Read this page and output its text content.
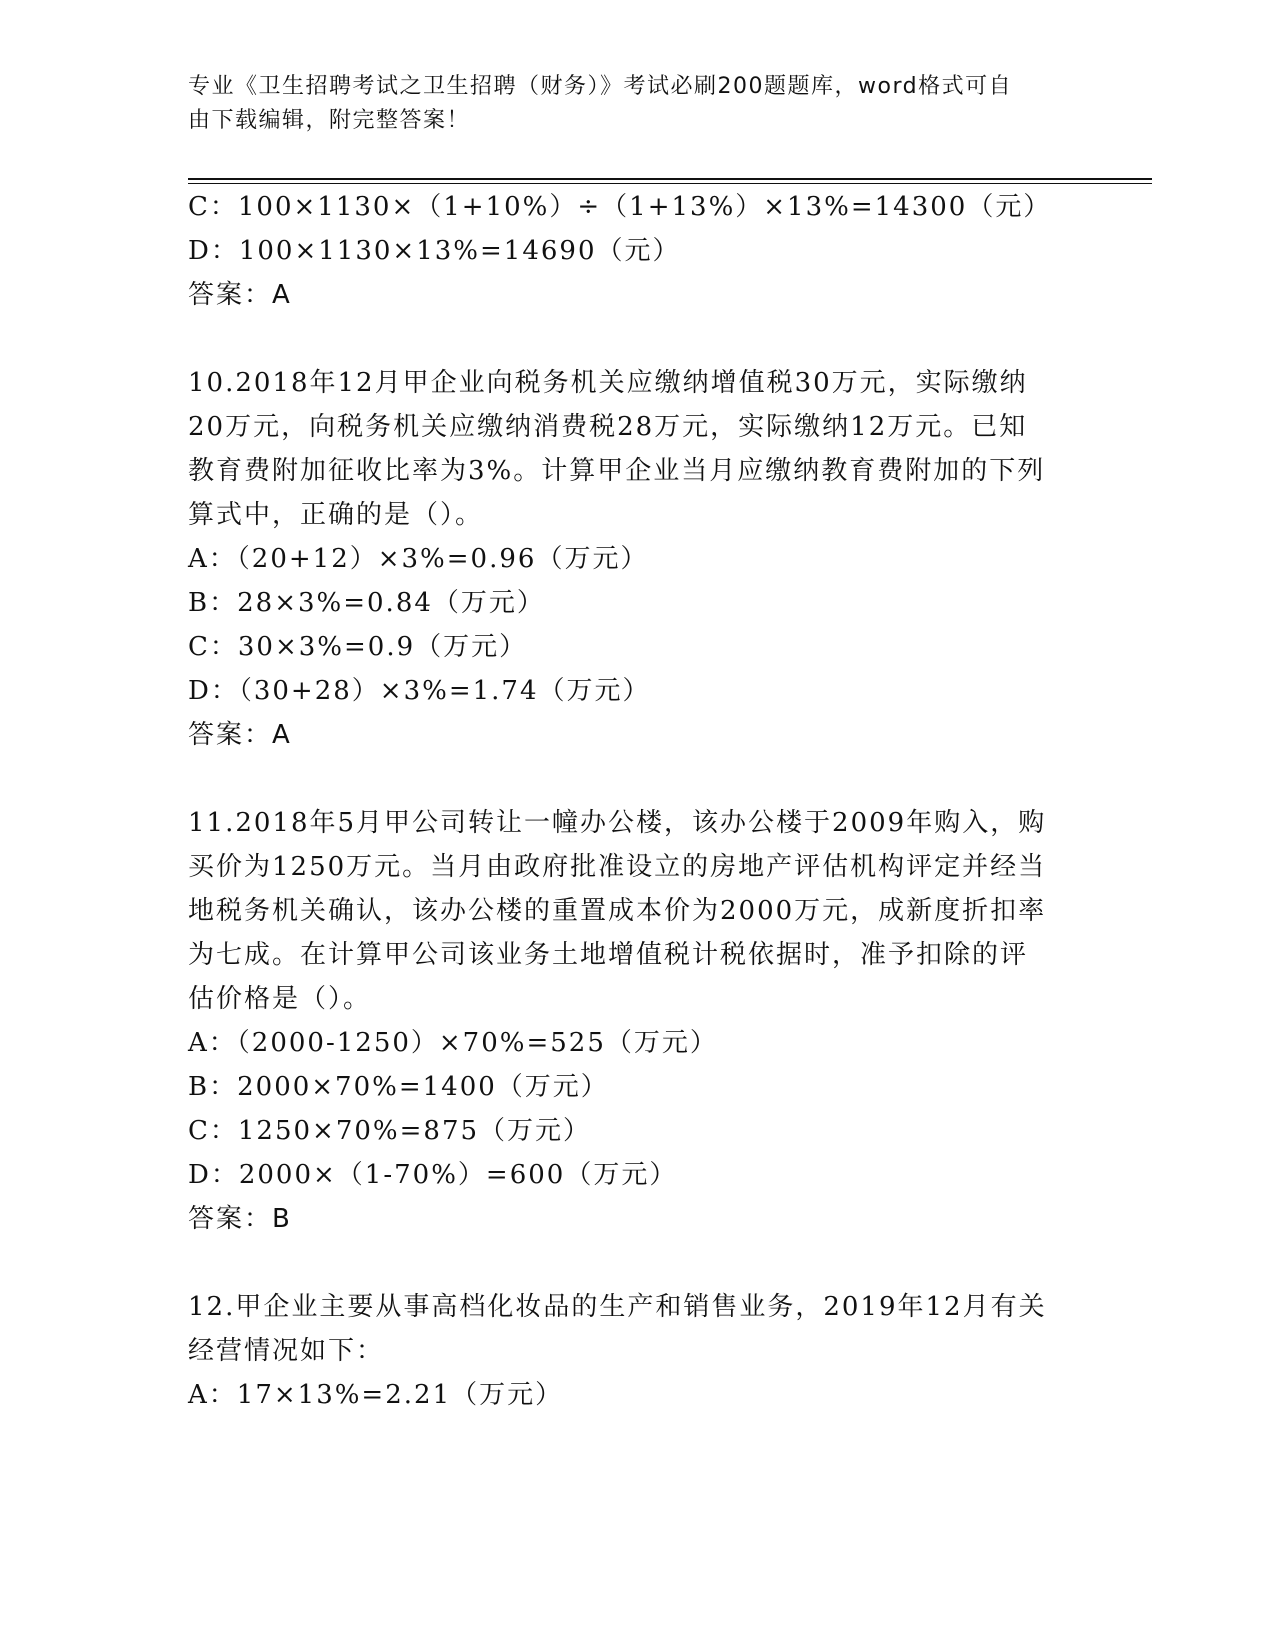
专业《卫生招聘考试之卫生招聘（财务）》考试必刷200题题库，word格式可自
由下载编辑，附完整答案！
C：100×1130×（1+10%）÷（1+13%）×13%=14300（元）
D：100×1130×13%=14690（元）
答案：A
10.2018年12月甲企业向税务机关应缴纳增值税30万元，实际缴纳
20万元，向税务机关应缴纳消费税28万元，实际缴纳12万元。已知
教育费附加征收比率为3%。计算甲企业当月应缴纳教育费附加的下列
算式中，正确的是（）。
A：（20+12）×3%=0.96（万元）
B：28×3%=0.84（万元）
C：30×3%=0.9（万元）
D：（30+28）×3%=1.74（万元）
答案：A
11.2018年5月甲公司转让一幢办公楼，该办公楼于2009年购入，购
买价为1250万元。当月由政府批准设立的房地产评估机构评定并经当
地税务机关确认，该办公楼的重置成本价为2000万元，成新度折扣率
为七成。在计算甲公司该业务土地增值税计税依据时，准予扣除的评
估价格是（）。
A：（2000-1250）×70%=525（万元）
B：2000×70%=1400（万元）
C：1250×70%=875（万元）
D：2000×（1-70%）=600（万元）
答案：B
12.甲企业主要从事高档化妆品的生产和销售业务，2019年12月有关
经营情况如下：
A：17×13%=2.21（万元）
